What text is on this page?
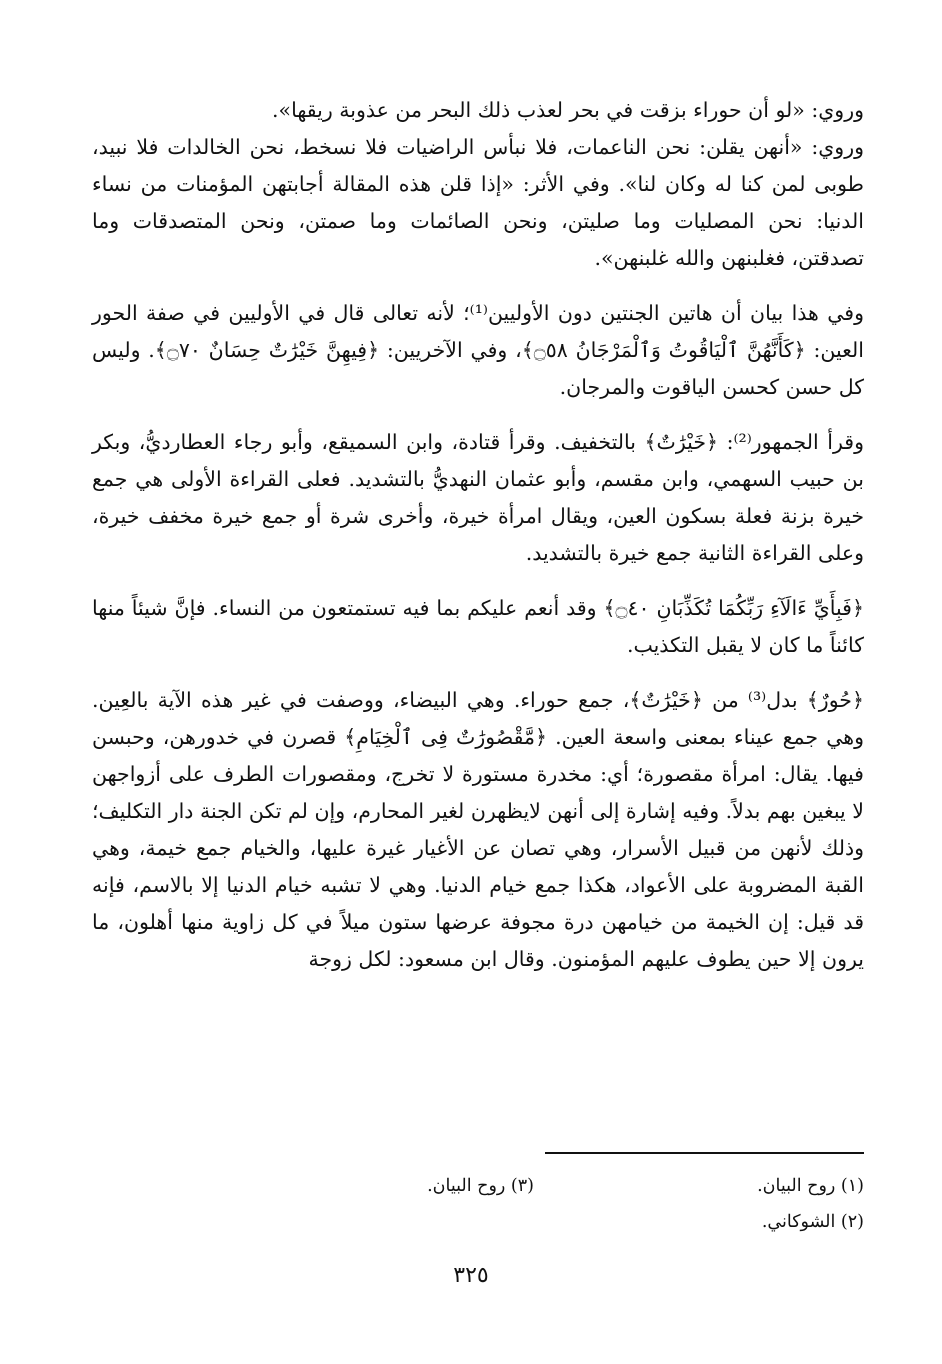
وروي: «لو أن حوراء بزقت في بحر لعذب ذلك البحر من عذوبة ريقها».

وروي: «أنهن يقلن: نحن الناعمات، فلا نبأس الراضيات فلا نسخط، نحن الخالدات فلا نبيد، طوبى لمن كنا له وكان لنا». وفي الأثر: «إذا قلن هذه المقالة أجابتهن المؤمنات من نساء الدنيا: نحن المصليات وما صليتن، ونحن الصائمات وما صمتن، ونحن المتصدقات وما تصدقتن، فغلبنهن والله غلبنهن».

وفي هذا بيان أن هاتين الجنتين دون الأوليين⁽¹⁾؛ لأنه تعالى قال في الأوليين في صفة الحور العين: ﴿كَأَنَّهُنَّ ٱلْيَاقُوتُ وَٱلْمَرْجَانُ ۝٥٨﴾، وفي الآخريين: ﴿فِيهِنَّ خَيْرَٰتٌ حِسَانٌ ۝٧٠﴾. وليس كل حسن كحسن الياقوت والمرجان.

وقرأ الجمهور⁽²⁾: ﴿خَيْرَٰتٌ﴾ بالتخفيف. وقرأ قتادة، وابن السميقع، وأبو رجاء العطارديُّ، وبكر بن حبيب السهمي، وابن مقسم، وأبو عثمان النهديُّ بالتشديد. فعلى القراءة الأولى هي جمع خيرة بزنة فعلة بسكون العين، ويقال امرأة خيرة، وأخرى شرة أو جمع خيرة مخفف خيرة، وعلى القراءة الثانية جمع خيرة بالتشديد.

﴿فَبِأَيِّ ءَالَآءِ رَبِّكُمَا تُكَذِّبَانِ ۝٤٠﴾ وقد أنعم عليكم بما فيه تستمتعون من النساء. فإنَّ شيئاً منها كائناً ما كان لا يقبل التكذيب.

﴿حُورٌ﴾ بدل⁽³⁾ من ﴿خَيْرَٰتٌ﴾، جمع حوراء. وهي البيضاء، ووصفت في غير هذه الآية بالعِين. وهي جمع عيناء بمعنى واسعة العين. ﴿مَّقْصُورَٰتٌ فِى ٱلْخِيَامِ﴾ قصرن في خدورهن، وحبسن فيها. يقال: امرأة مقصورة؛ أي: مخدرة مستورة لا تخرج، ومقصورات الطرف على أزواجهن لا يبغين بهم بدلاً. وفيه إشارة إلى أنهن لايظهرن لغير المحارم، وإن لم تكن الجنة دار التكليف؛ وذلك لأنهن من قبيل الأسرار، وهي تصان عن الأغيار غيرة عليها، والخيام جمع خيمة، وهي القبة المضروبة على الأعواد، هكذا جمع خيام الدنيا. وهي لا تشبه خيام الدنيا إلا بالاسم، فإنه قد قيل: إن الخيمة من خيامهن درة مجوفة عرضها ستون ميلاً في كل زاوية منها أهلون، ما يرون إلا حين يطوف عليهم المؤمنون. وقال ابن مسعود: لكل زوجة

(١) روح البيان.
(٣) روح البيان.
(٢) الشوكاني.
٣٢٥
